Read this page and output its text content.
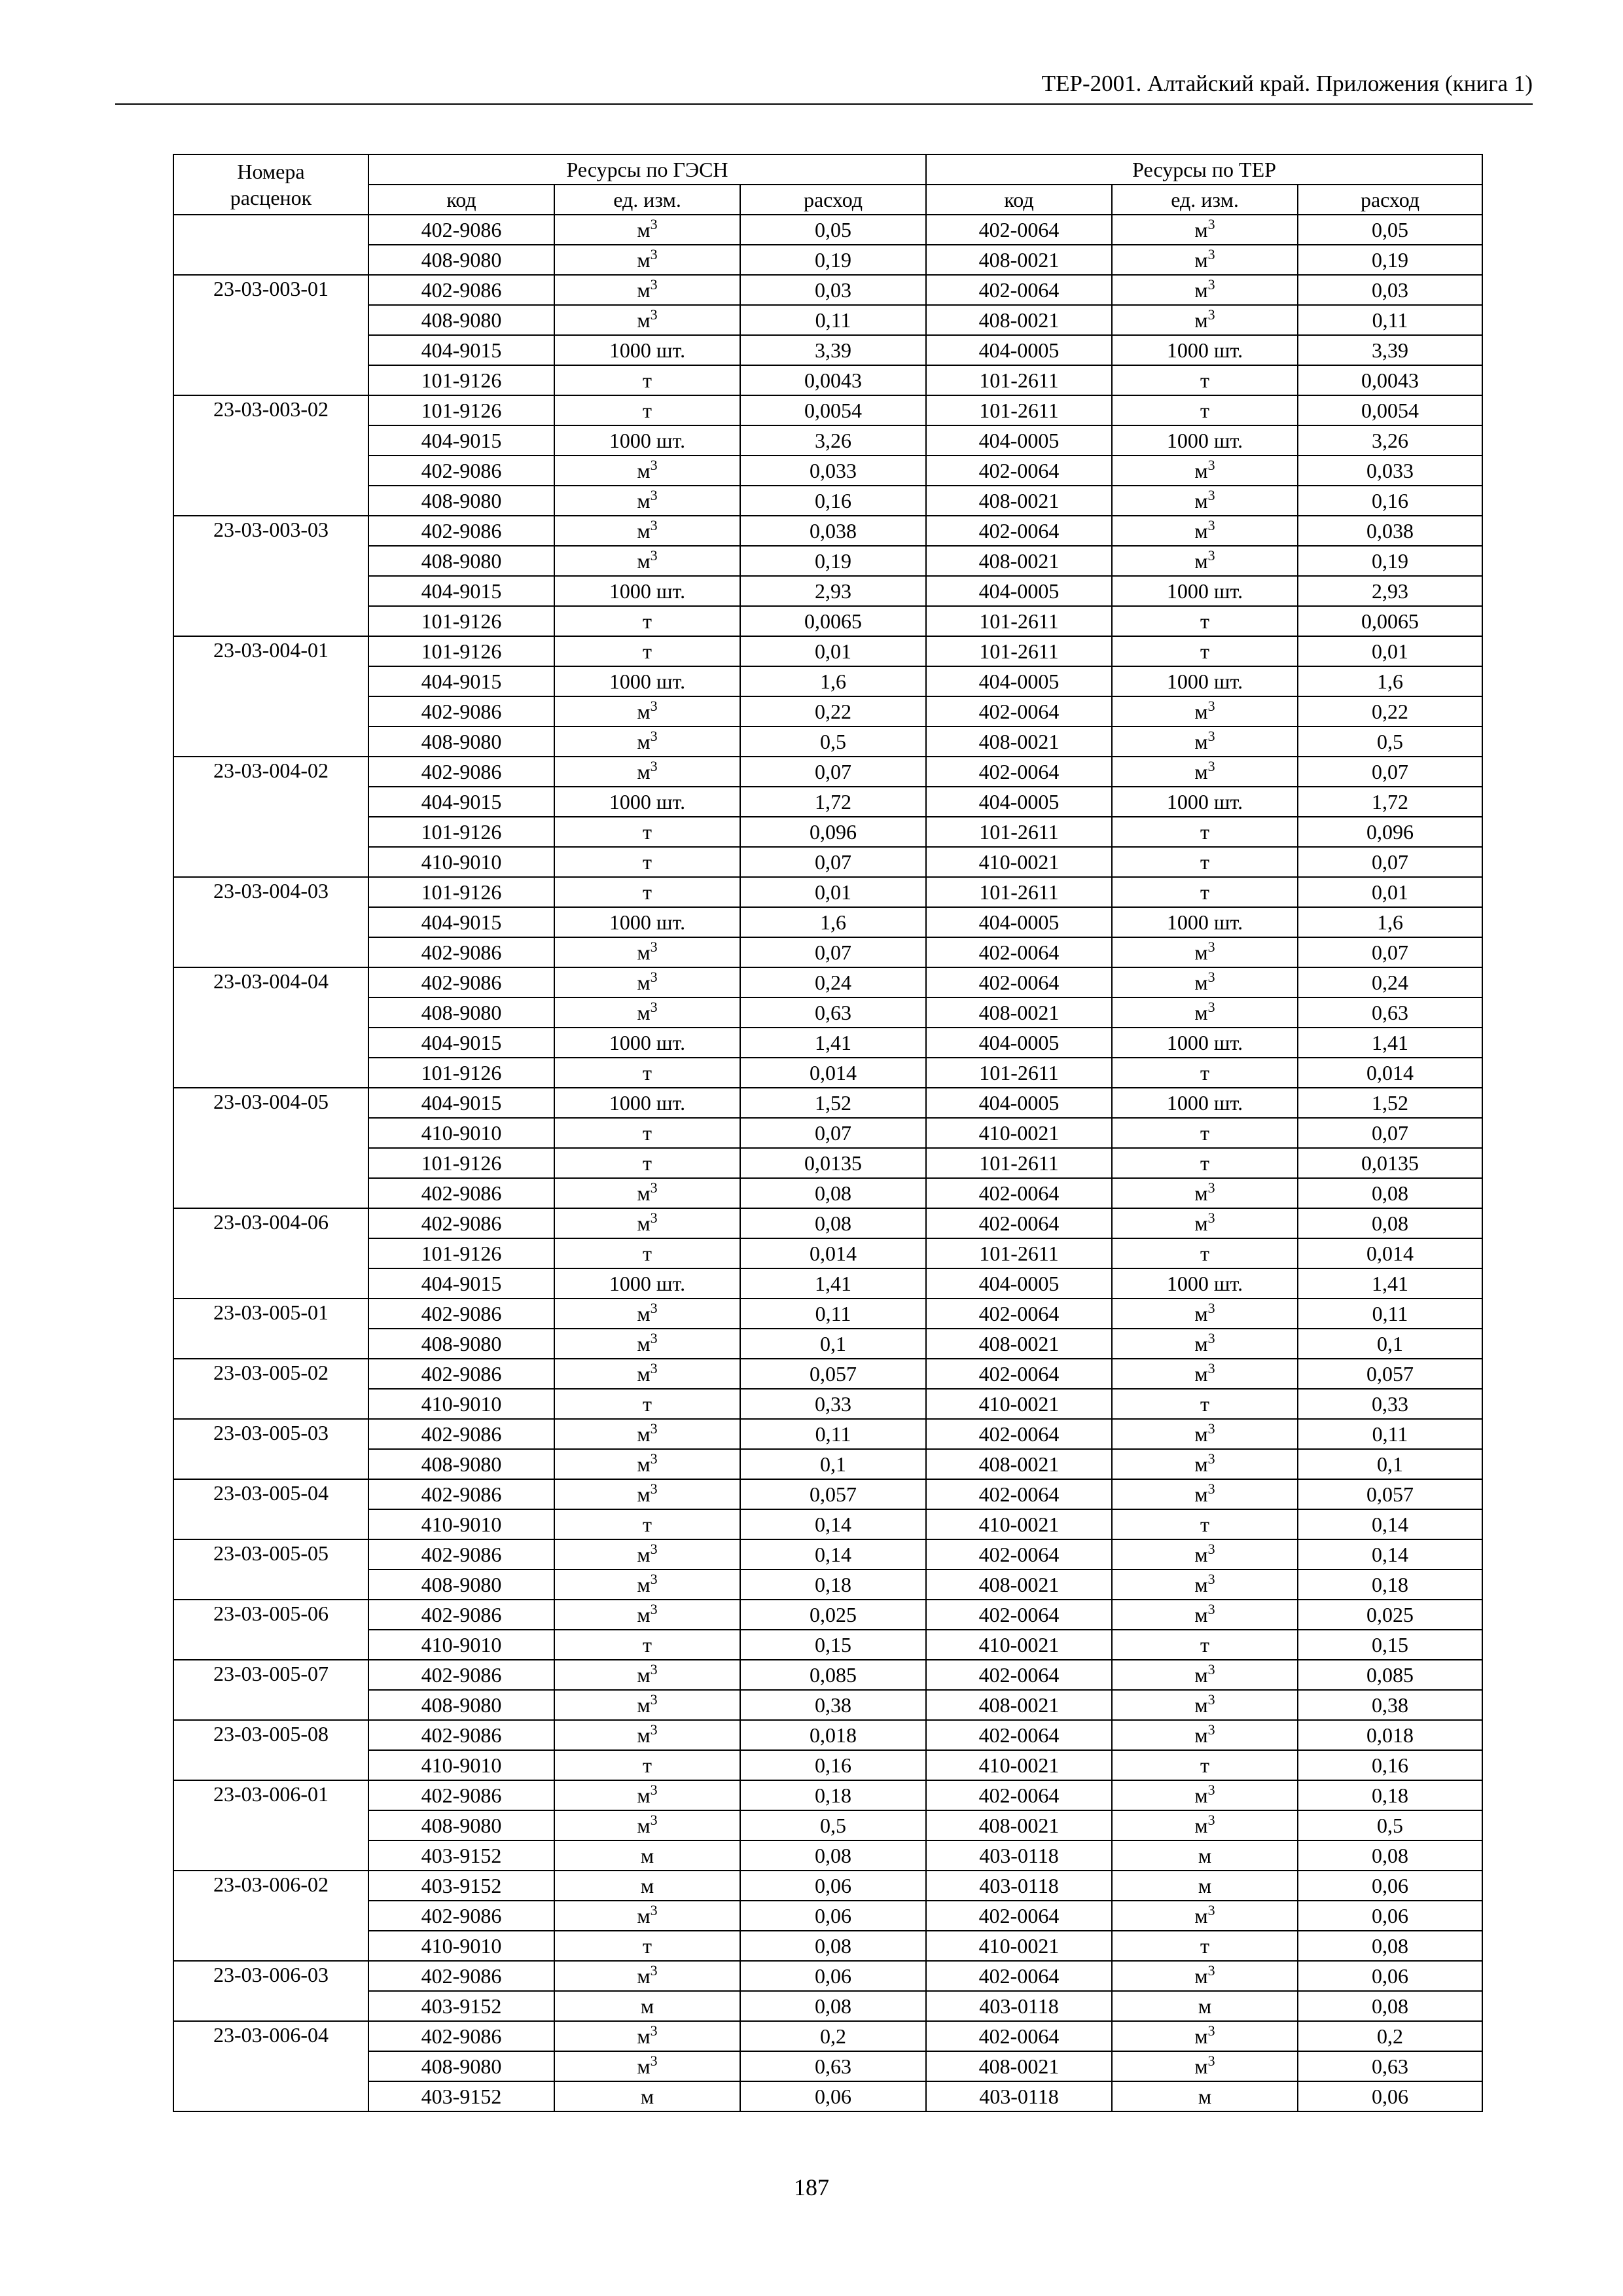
ТЕР-2001. Алтайский край. Приложения (книга 1)
Номера
расценок	Ресурсы по ГЭСН			Ресурсы по ТЕР		
	код	ед. изм.	расход	код	ед. изм.	расход
	402-9086	$м^3$	0,05	402-0064	$м^3$	0,05
	408-9080	$м^3$	0,19	408-0021	$м^3$	0,19
23-03-003-01	402-9086	$м^3$	0,03	402-0064	$м^3$	0,03
	408-9080	$м^3$	0,11	408-0021	$м^3$	0,11
	404-9015	1000 шт.	3,39	404-0005	1000 шт.	3,39
	101-9126	т	0,0043	101-2611	т	0,0043
23-03-003-02	101-9126	т	0,0054	101-2611	т	0,0054
	404-9015	1000 шт.	3,26	404-0005	1000 шт.	3,26
	402-9086	$м^3$	0,033	402-0064	$м^3$	0,033
	408-9080	$м^3$	0,16	408-0021	$м^3$	0,16
23-03-003-03	402-9086	$м^3$	0,038	402-0064	$м^3$	0,038
	408-9080	$м^3$	0,19	408-0021	$м^3$	0,19
	404-9015	1000 шт.	2,93	404-0005	1000 шт.	2,93
	101-9126	т	0,0065	101-2611	т	0,0065
23-03-004-01	101-9126	т	0,01	101-2611	т	0,01
	404-9015	1000 шт.	1,6	404-0005	1000 шт.	1,6
	402-9086	$м^3$	0,22	402-0064	$м^3$	0,22
	408-9080	$м^3$	0,5	408-0021	$м^3$	0,5
23-03-004-02	402-9086	$м^3$	0,07	402-0064	$м^3$	0,07
	404-9015	1000 шт.	1,72	404-0005	1000 шт.	1,72
	101-9126	т	0,096	101-2611	т	0,096
	410-9010	т	0,07	410-0021	т	0,07
23-03-004-03	101-9126	т	0,01	101-2611	т	0,01
	404-9015	1000 шт.	1,6	404-0005	1000 шт.	1,6
	402-9086	$м^3$	0,07	402-0064	$м^3$	0,07
23-03-004-04	402-9086	$м^3$	0,24	402-0064	$м^3$	0,24
	408-9080	$м^3$	0,63	408-0021	$м^3$	0,63
	404-9015	1000 шт.	1,41	404-0005	1000 шт.	1,41
	101-9126	т	0,014	101-2611	т	0,014
23-03-004-05	404-9015	1000 шт.	1,52	404-0005	1000 шт.	1,52
	410-9010	т	0,07	410-0021	т	0,07
	101-9126	т	0,0135	101-2611	т	0,0135
	402-9086	$м^3$	0,08	402-0064	$м^3$	0,08
23-03-004-06	402-9086	$м^3$	0,08	402-0064	$м^3$	0,08
	101-9126	т	0,014	101-2611	т	0,014
	404-9015	1000 шт.	1,41	404-0005	1000 шт.	1,41
23-03-005-01	402-9086	$м^3$	0,11	402-0064	$м^3$	0,11
	408-9080	$м^3$	0,1	408-0021	$м^3$	0,1
23-03-005-02	402-9086	$м^3$	0,057	402-0064	$м^3$	0,057
	410-9010	т	0,33	410-0021	т	0,33
23-03-005-03	402-9086	$м^3$	0,11	402-0064	$м^3$	0,11
	408-9080	$м^3$	0,1	408-0021	$м^3$	0,1
23-03-005-04	402-9086	$м^3$	0,057	402-0064	$м^3$	0,057
	410-9010	т	0,14	410-0021	т	0,14
23-03-005-05	402-9086	$м^3$	0,14	402-0064	$м^3$	0,14
	408-9080	$м^3$	0,18	408-0021	$м^3$	0,18
23-03-005-06	402-9086	$м^3$	0,025	402-0064	$м^3$	0,025
	410-9010	т	0,15	410-0021	т	0,15
23-03-005-07	402-9086	$м^3$	0,085	402-0064	$м^3$	0,085
	408-9080	$м^3$	0,38	408-0021	$м^3$	0,38
23-03-005-08	402-9086	$м^3$	0,018	402-0064	$м^3$	0,018
	410-9010	т	0,16	410-0021	т	0,16
23-03-006-01	402-9086	$м^3$	0,18	402-0064	$м^3$	0,18
	408-9080	$м^3$	0,5	408-0021	$м^3$	0,5
	403-9152	м	0,08	403-0118	м	0,08
23-03-006-02	403-9152	м	0,06	403-0118	м	0,06
	402-9086	$м^3$	0,06	402-0064	$м^3$	0,06
	410-9010	т	0,08	410-0021	т	0,08
23-03-006-03	402-9086	$м^3$	0,06	402-0064	$м^3$	0,06
	403-9152	м	0,08	403-0118	м	0,08
23-03-006-04	402-9086	$м^3$	0,2	402-0064	$м^3$	0,2
	408-9080	$м^3$	0,63	408-0021	$м^3$	0,63
	403-9152	м	0,06	403-0118	м	0,06
187
